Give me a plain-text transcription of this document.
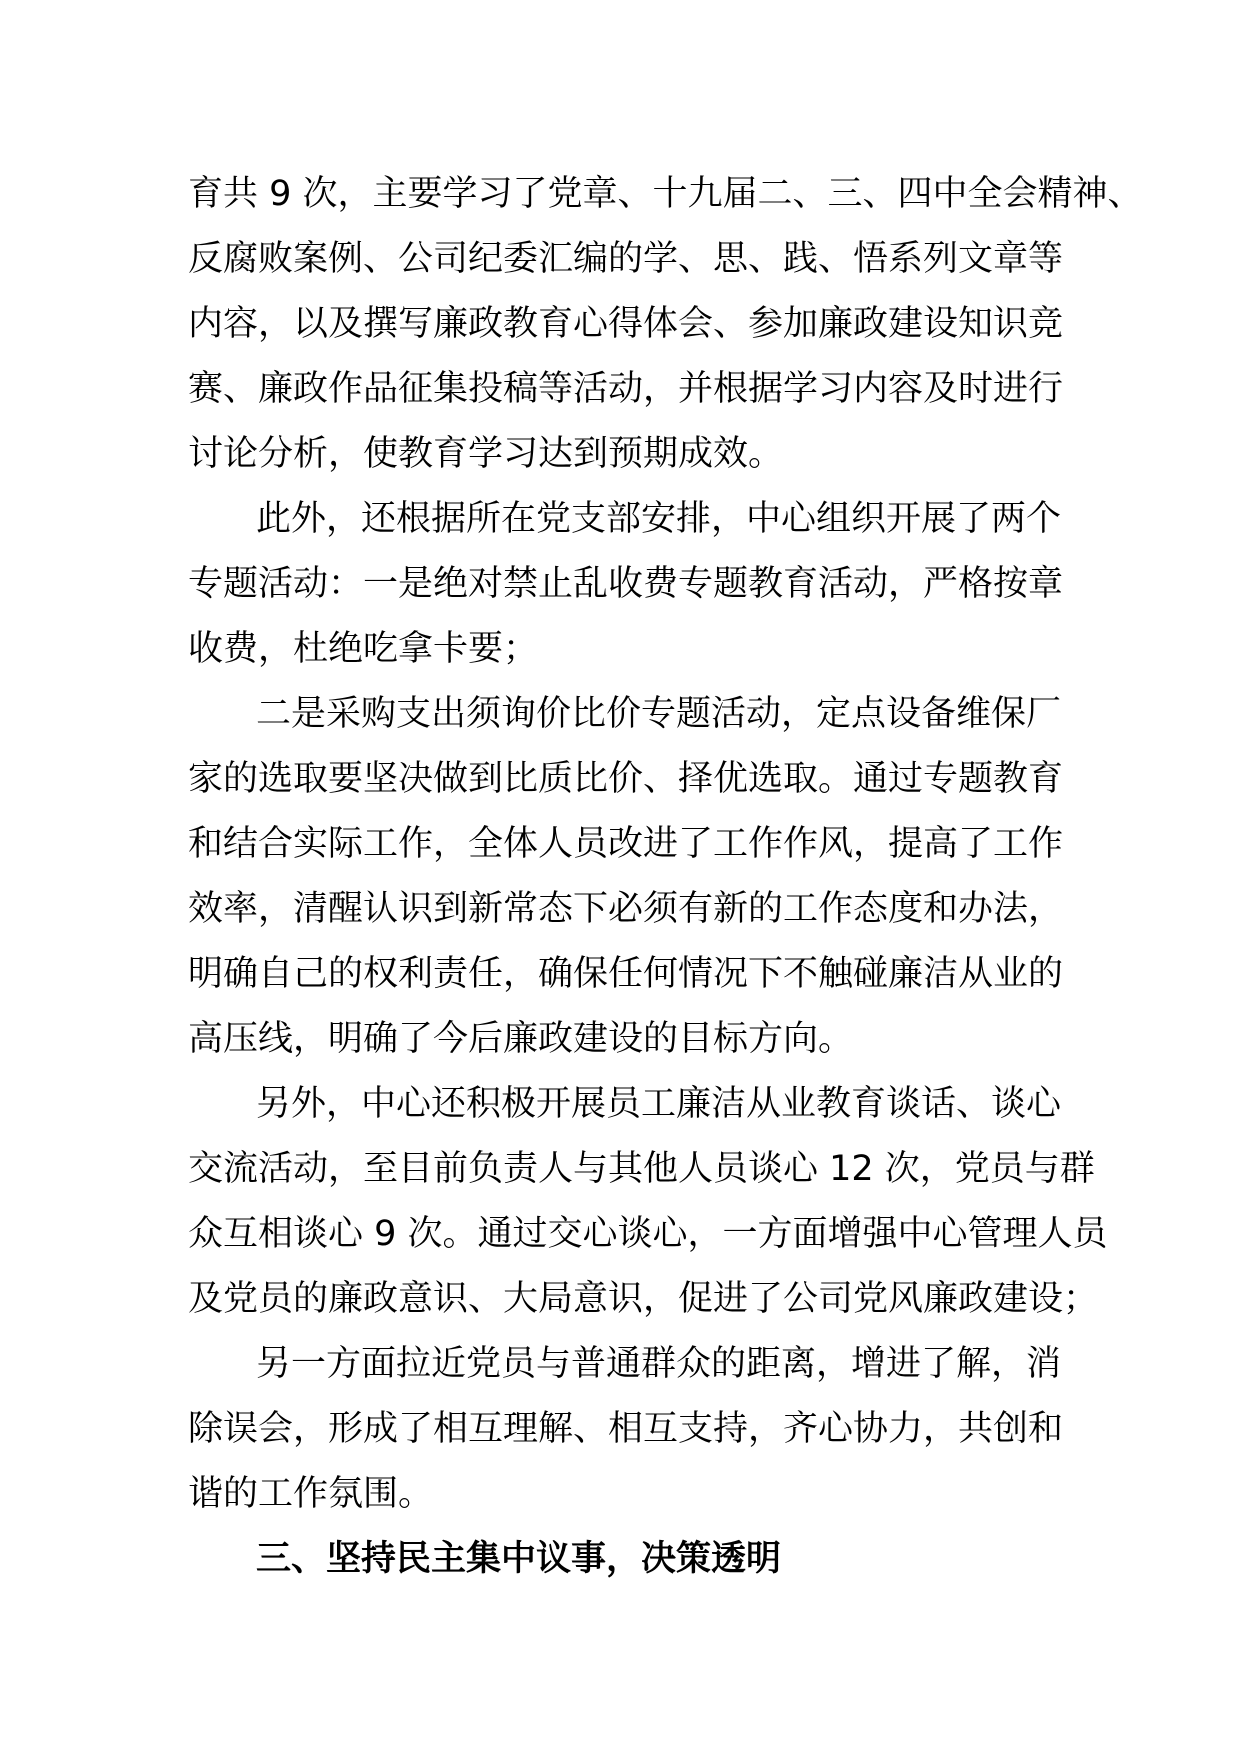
育共 9 次，主要学习了党章、十九届二、三、四中全会精神、
反腐败案例、公司纪委汇编的学、思、践、悟系列文章等
内容，以及撰写廉政教育心得体会、参加廉政建设知识竞
赛、廉政作品征集投稿等活动，并根据学习内容及时进行
讨论分析，使教育学习达到预期成效。
此外，还根据所在党支部安排，中心组织开展了两个
专题活动：一是绝对禁止乱收费专题教育活动，严格按章
收费，杜绝吃拿卡要；
二是采购支出须询价比价专题活动，定点设备维保厂
家的选取要坚决做到比质比价、择优选取。通过专题教育
和结合实际工作，全体人员改进了工作作风，提高了工作
效率，清醒认识到新常态下必须有新的工作态度和办法，
明确自己的权利责任，确保任何情况下不触碰廉洁从业的
高压线，明确了今后廉政建设的目标方向。
另外，中心还积极开展员工廉洁从业教育谈话、谈心
交流活动，至目前负责人与其他人员谈心 12 次，党员与群
众互相谈心 9 次。通过交心谈心，一方面增强中心管理人员
及党员的廉政意识、大局意识，促进了公司党风廉政建设；
另一方面拉近党员与普通群众的距离，增进了解，消
除误会，形成了相互理解、相互支持，齐心协力，共创和
谐的工作氛围。
三、坚持民主集中议事，决策透明
